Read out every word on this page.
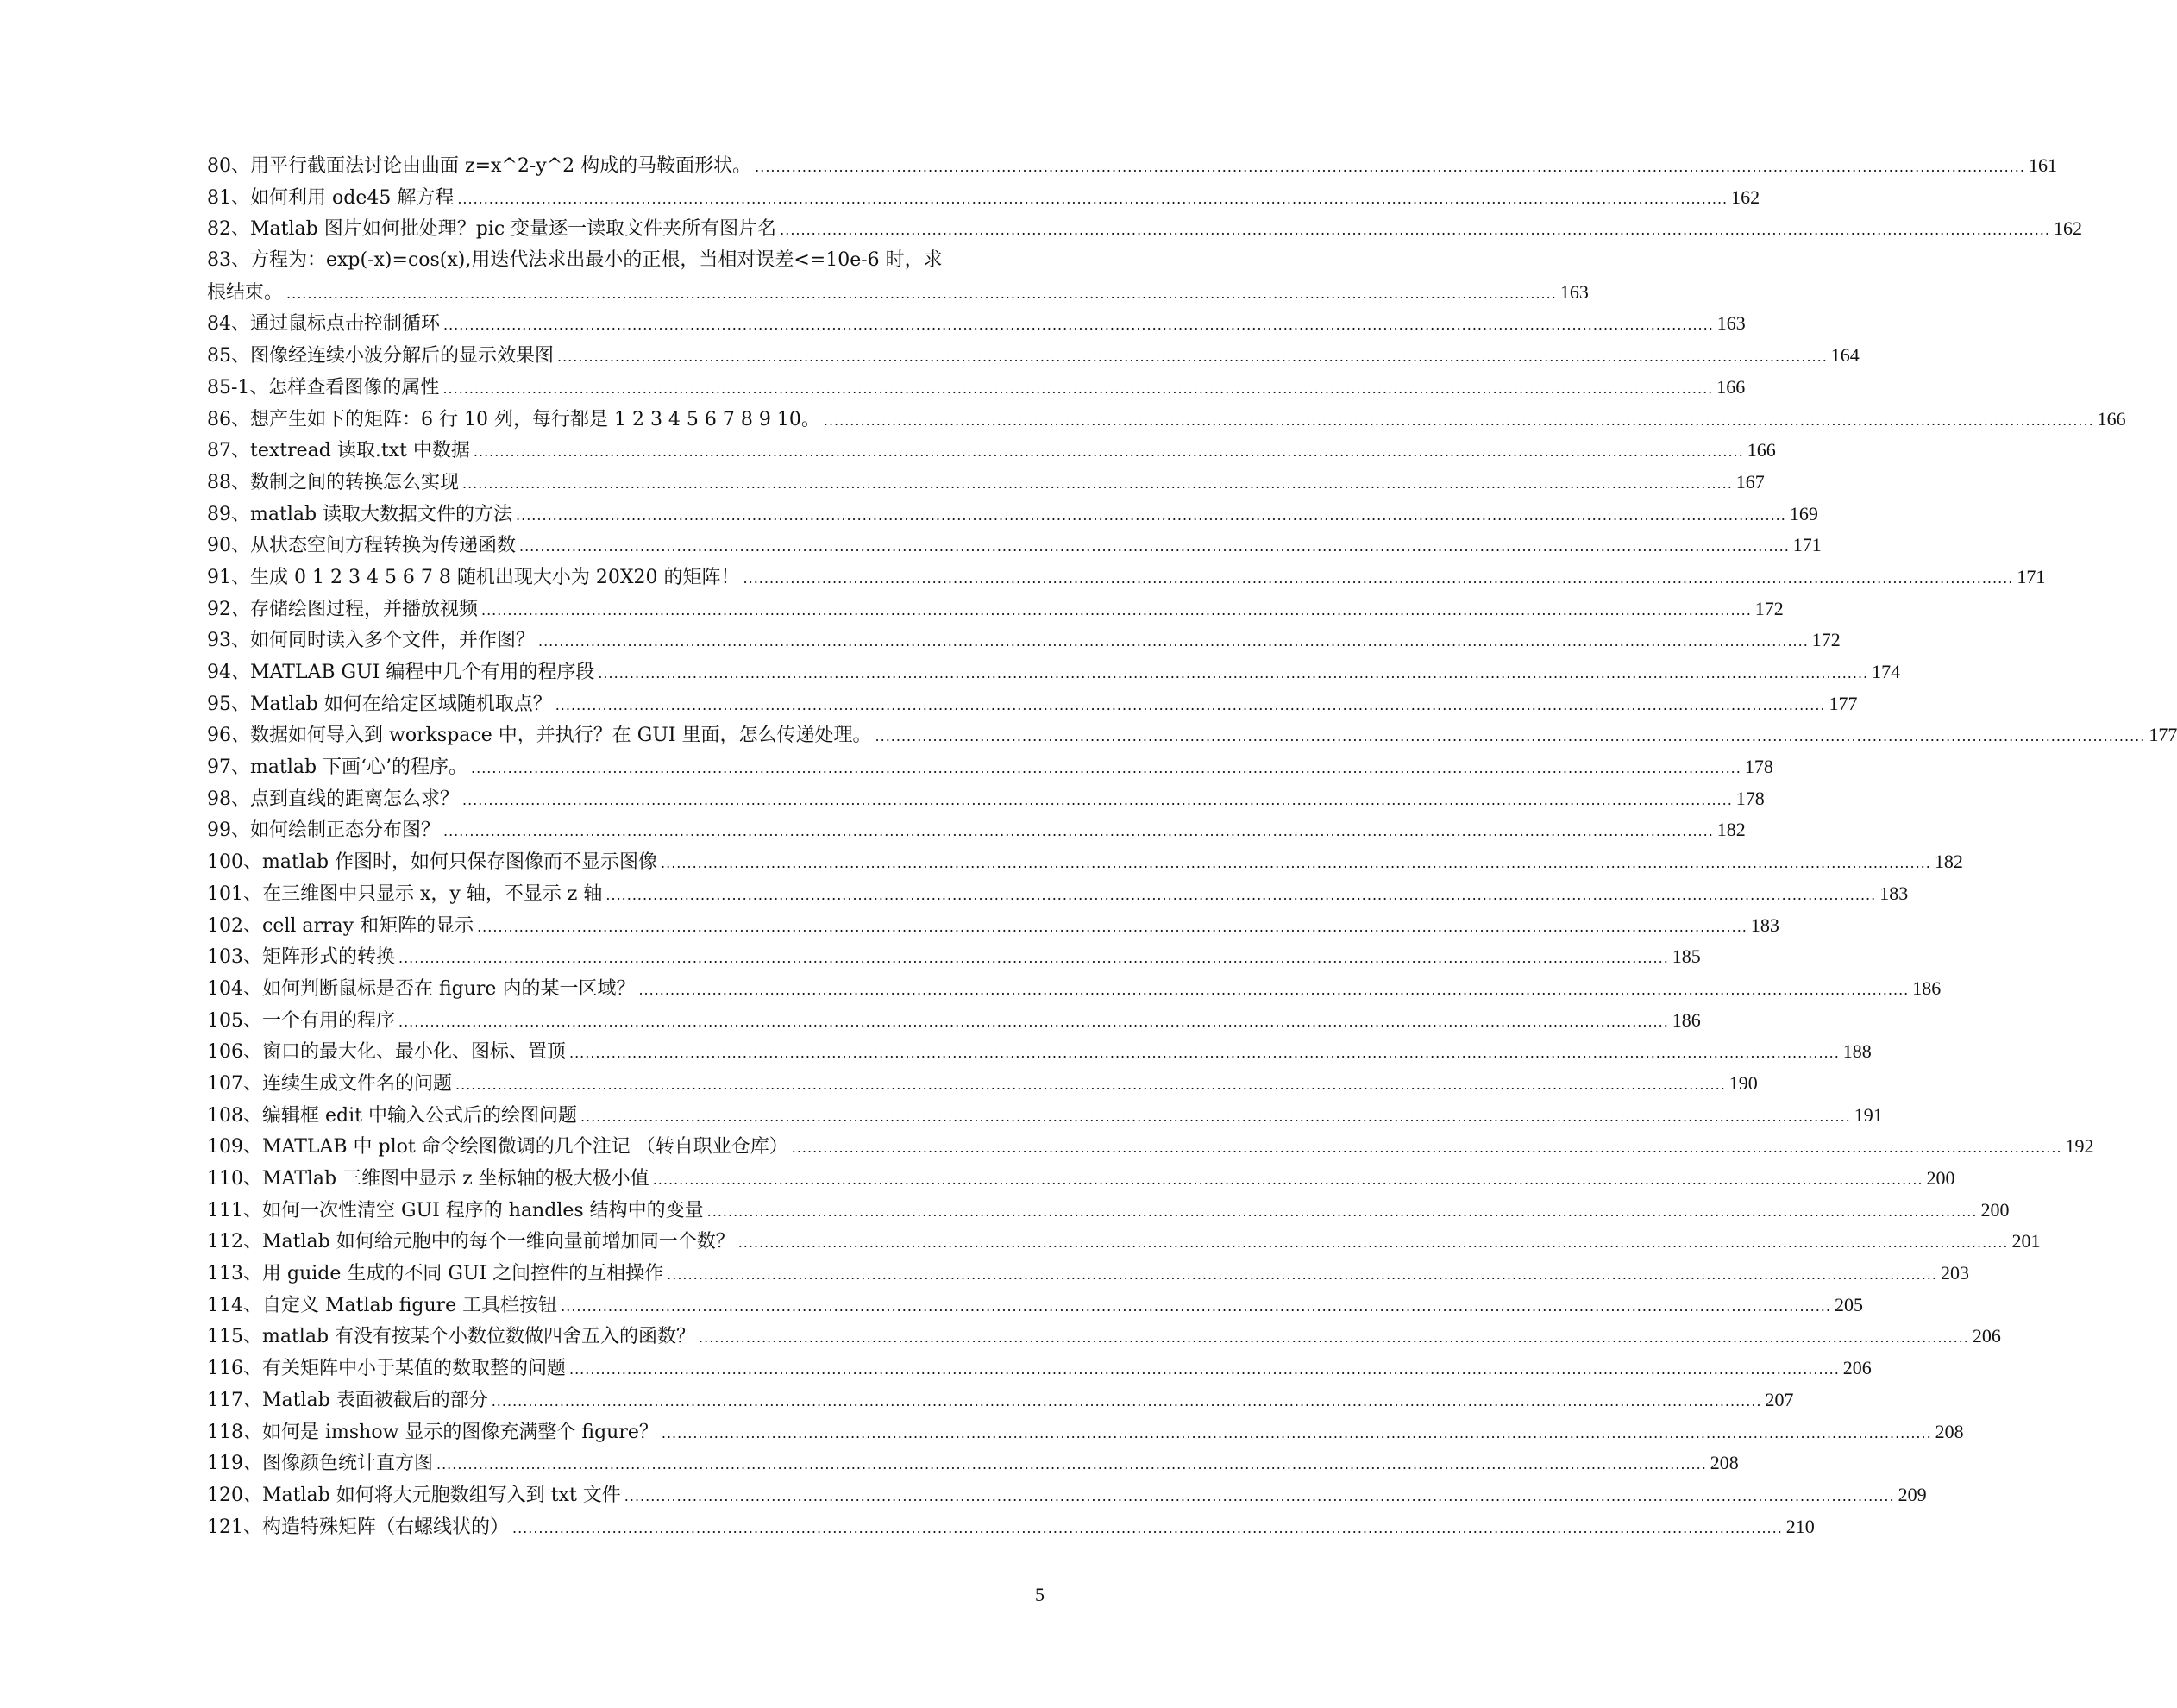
80、用平行截面法讨论由曲面 z=x^2-y^2 构成的马鞍面形状。 .....	161
81、如何利用 ode45 解方程 .....	162
82、Matlab 图片如何批处理？pic 变量逐一读取文件夹所有图片名 .....	162
83、方程为：exp(-x)=cos(x),用迭代法求出最小的正根，当相对误差<=10e-6 时，求
根结束。 .....	163
84、通过鼠标点击控制循环 .....	163
85、图像经连续小波分解后的显示效果图 .....	164
85-1、怎样查看图像的属性 .....	166
86、想产生如下的矩阵：6 行 10 列，每行都是 1 2 3 4 5 6 7 8 9 10。 .....	166
87、textread 读取.txt 中数据 .....	166
88、数制之间的转换怎么实现 .....	167
89、matlab 读取大数据文件的方法 .....	169
90、从状态空间方程转换为传递函数 .....	171
91、生成 0 1 2 3 4 5 6 7 8 随机出现大小为 20X20 的矩阵！ .....	171
92、存储绘图过程，并播放视频 .....	172
93、如何同时读入多个文件，并作图？ .....	172
94、MATLAB GUI 编程中几个有用的程序段 .....	174
95、Matlab 如何在给定区域随机取点？ .....	177
96、数据如何导入到 workspace 中，并执行？在 GUI 里面，怎么传递处理。 .....	177
97、matlab 下画‘心’的程序。 .....	178
98、点到直线的距离怎么求？ .....	178
99、如何绘制正态分布图？ .....	182
100、matlab 作图时，如何只保存图像而不显示图像 .....	182
101、在三维图中只显示 x，y 轴，不显示 z 轴 .....	183
102、cell array 和矩阵的显示 .....	183
103、矩阵形式的转换 .....	185
104、如何判断鼠标是否在 figure 内的某一区域？ .....	186
105、一个有用的程序 .....	186
106、窗口的最大化、最小化、图标、置顶 .....	188
107、连续生成文件名的问题 .....	190
108、编辑框 edit 中输入公式后的绘图问题 .....	191
109、MATLAB 中 plot 命令绘图微调的几个注记 （转自职业仓库） .....	192
110、MATlab 三维图中显示 z 坐标轴的极大极小值 .....	200
111、如何一次性清空 GUI 程序的 handles 结构中的变量 .....	200
112、Matlab 如何给元胞中的每个一维向量前增加同一个数？ .....	201
113、用 guide 生成的不同 GUI 之间控件的互相操作 .....	203
114、自定义 Matlab figure 工具栏按钮 .....	205
115、matlab 有没有按某个小数位数做四舍五入的函数？ .....	206
116、有关矩阵中小于某值的数取整的问题 .....	206
117、Matlab 表面被截后的部分 .....	207
118、如何是 imshow 显示的图像充满整个 figure？ .....	208
119、图像颜色统计直方图 .....	208
120、Matlab 如何将大元胞数组写入到 txt 文件 .....	209
121、构造特殊矩阵（右螺线状的） .....	210
5
